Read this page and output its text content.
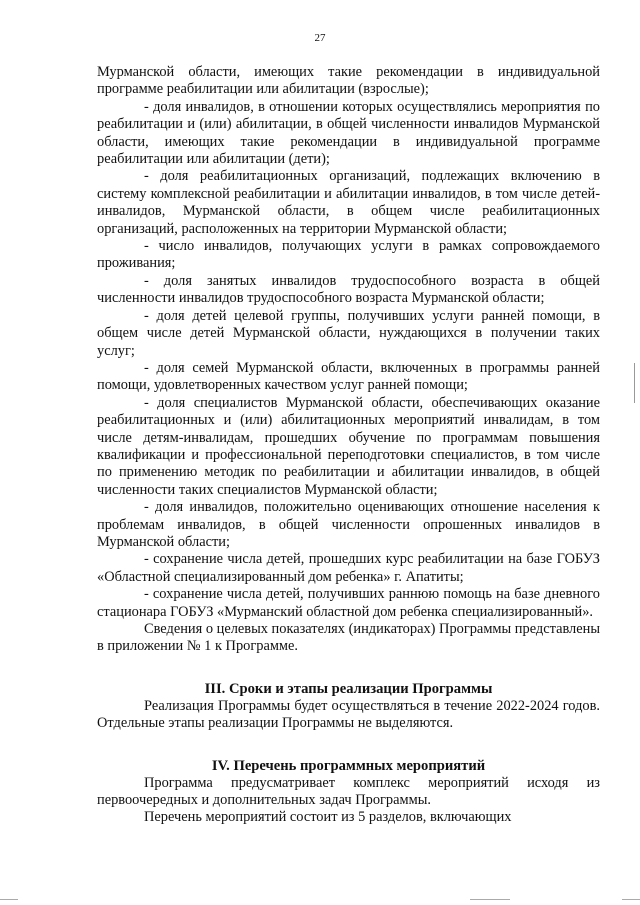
27

Мурманской области, имеющих такие рекомендации в индивидуальной программе реабилитации или абилитации (взрослые);

- доля инвалидов, в отношении которых осуществлялись мероприятия по реабилитации и (или) абилитации, в общей численности инвалидов Мурманской области, имеющих такие рекомендации в индивидуальной программе реабилитации или абилитации (дети);

- доля реабилитационных организаций, подлежащих включению в систему комплексной реабилитации и абилитации инвалидов, в том числе детей-инвалидов, Мурманской области, в общем числе реабилитационных организаций, расположенных на территории Мурманской области;

- число инвалидов, получающих услуги в рамках сопровождаемого проживания;

- доля занятых инвалидов трудоспособного возраста в общей численности инвалидов трудоспособного возраста Мурманской области;

- доля детей целевой группы, получивших услуги ранней помощи, в общем числе детей Мурманской области, нуждающихся в получении таких услуг;

- доля семей Мурманской области, включенных в программы ранней помощи, удовлетворенных качеством услуг ранней помощи;

- доля специалистов Мурманской области, обеспечивающих оказание реабилитационных и (или) абилитационных мероприятий инвалидам, в том числе детям-инвалидам, прошедших обучение по программам повышения квалификации и профессиональной переподготовки специалистов, в том числе по применению методик по реабилитации и абилитации инвалидов, в общей численности таких специалистов Мурманской области;

- доля инвалидов, положительно оценивающих отношение населения к проблемам инвалидов, в общей численности опрошенных инвалидов в Мурманской области;

- сохранение числа детей, прошедших курс реабилитации на базе ГОБУЗ «Областной специализированный дом ребенка» г. Апатиты;

- сохранение числа детей, получивших раннюю помощь на базе дневного стационара ГОБУЗ «Мурманский областной дом ребенка специализированный».

Сведения о целевых показателях (индикаторах) Программы представлены в приложении № 1 к Программе.

III. Сроки и этапы реализации Программы

Реализация Программы будет осуществляться в течение 2022-2024 годов. Отдельные этапы реализации Программы не выделяются.

IV. Перечень программных мероприятий

Программа предусматривает комплекс мероприятий исходя из первоочередных и дополнительных задач Программы.

Перечень мероприятий состоит из 5 разделов, включающих
